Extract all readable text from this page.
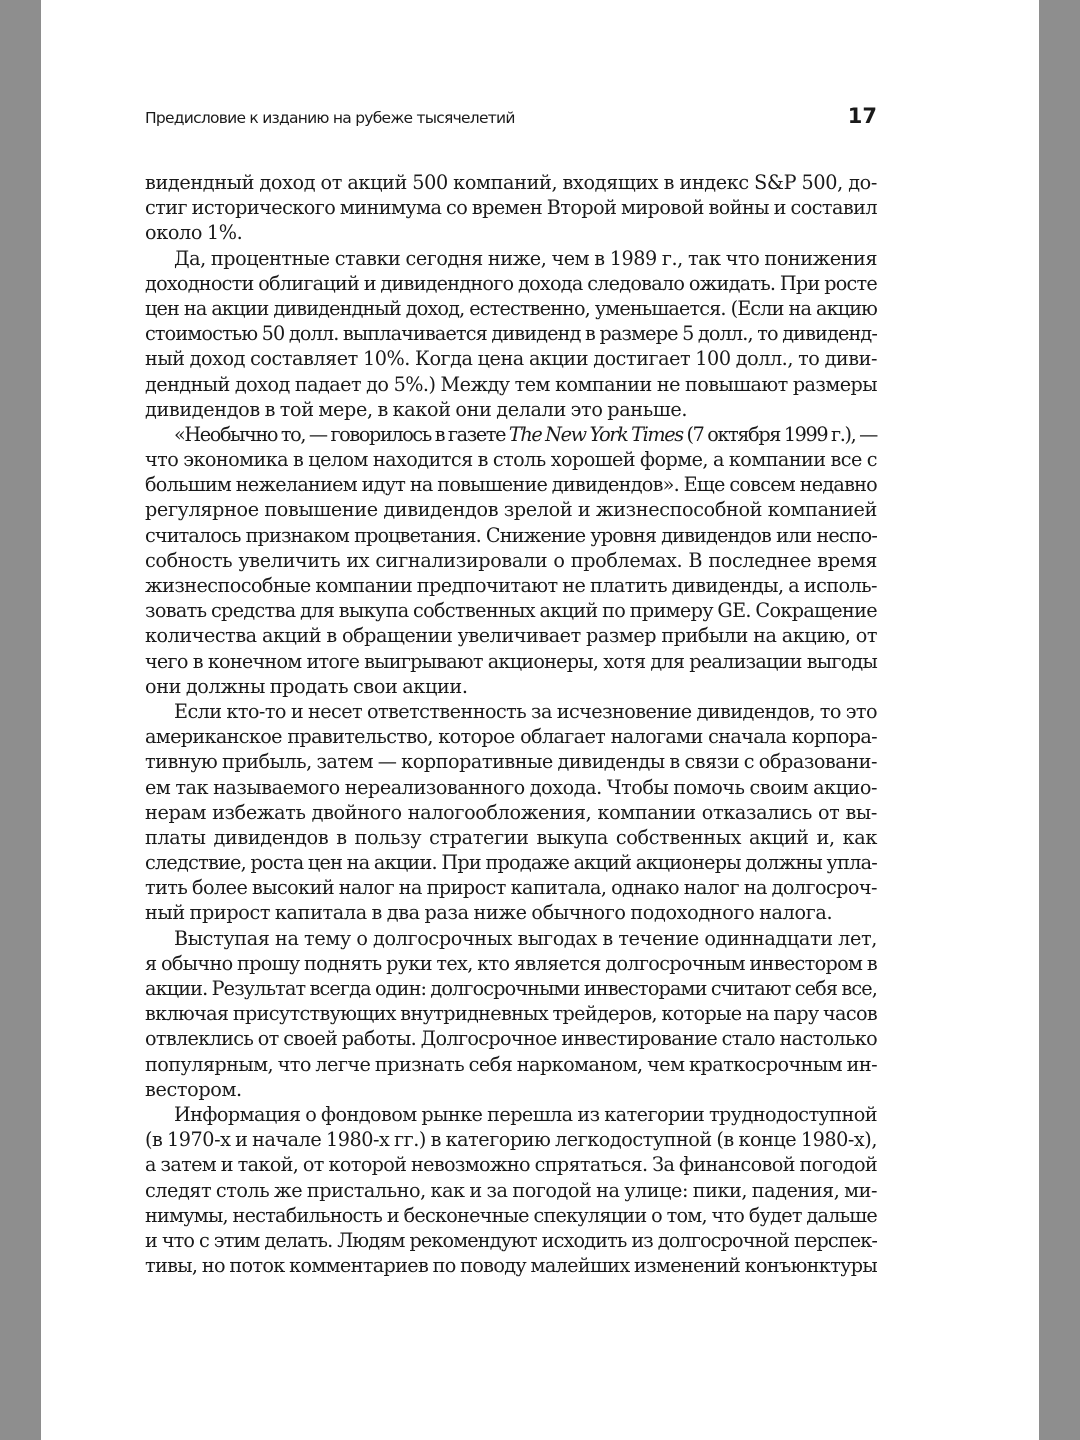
Предисловие к изданию на рубеже тысячелетий	17
видендный доход от акций 500 компаний, входящих в индекс S&P 500, до-
стиг исторического минимума со времен Второй мировой войны и составил
около 1%.
Да, процентные ставки сегодня ниже, чем в 1989 г., так что понижения
доходности облигаций и дивидендного дохода следовало ожидать. При росте
цен на акции дивидендный доход, естественно, уменьшается. (Если на акцию
стоимостью 50 долл. выплачивается дивиденд в размере 5 долл., то дивиденд-
ный доход составляет 10%. Когда цена акции достигает 100 долл., то диви-
дендный доход падает до 5%.) Между тем компании не повышают размеры
дивидендов в той мере, в какой они делали это раньше.
«Необычно то, — говорилось в газете The New York Times (7 октября 1999 г.), —
что экономика в целом находится в столь хорошей форме, а компании все с
большим нежеланием идут на повышение дивидендов». Еще совсем недавно
регулярное повышение дивидендов зрелой и жизнеспособной компанией
считалось признаком процветания. Снижение уровня дивидендов или неспо-
собность увеличить их сигнализировали о проблемах. В последнее время
жизнеспособные компании предпочитают не платить дивиденды, а исполь-
зовать средства для выкупа собственных акций по примеру GE. Сокращение
количества акций в обращении увеличивает размер прибыли на акцию, от
чего в конечном итоге выигрывают акционеры, хотя для реализации выгоды
они должны продать свои акции.
Если кто-то и несет ответственность за исчезновение дивидендов, то это
американское правительство, которое облагает налогами сначала корпора-
тивную прибыль, затем — корпоративные дивиденды в связи с образовани-
ем так называемого нереализованного дохода. Чтобы помочь своим акцио-
нерам избежать двойного налогообложения, компании отказались от вы-
платы дивидендов в пользу стратегии выкупа собственных акций и, как
следствие, роста цен на акции. При продаже акций акционеры должны упла-
тить более высокий налог на прирост капитала, однако налог на долгосроч-
ный прирост капитала в два раза ниже обычного подоходного налога.
Выступая на тему о долгосрочных выгодах в течение одиннадцати лет,
я обычно прошу поднять руки тех, кто является долгосрочным инвестором в
акции. Результат всегда один: долгосрочными инвесторами считают себя все,
включая присутствующих внутридневных трейдеров, которые на пару часов
отвлеклись от своей работы. Долгосрочное инвестирование стало настолько
популярным, что легче признать себя наркоманом, чем краткосрочным ин-
вестором.
Информация о фондовом рынке перешла из категории труднодоступной
(в 1970-х и начале 1980-х гг.) в категорию легкодоступной (в конце 1980-х),
а затем и такой, от которой невозможно спрятаться. За финансовой погодой
следят столь же пристально, как и за погодой на улице: пики, падения, ми-
нимумы, нестабильность и бесконечные спекуляции о том, что будет дальше
и что с этим делать. Людям рекомендуют исходить из долгосрочной перспек-
тивы, но поток комментариев по поводу малейших изменений конъюнктуры
